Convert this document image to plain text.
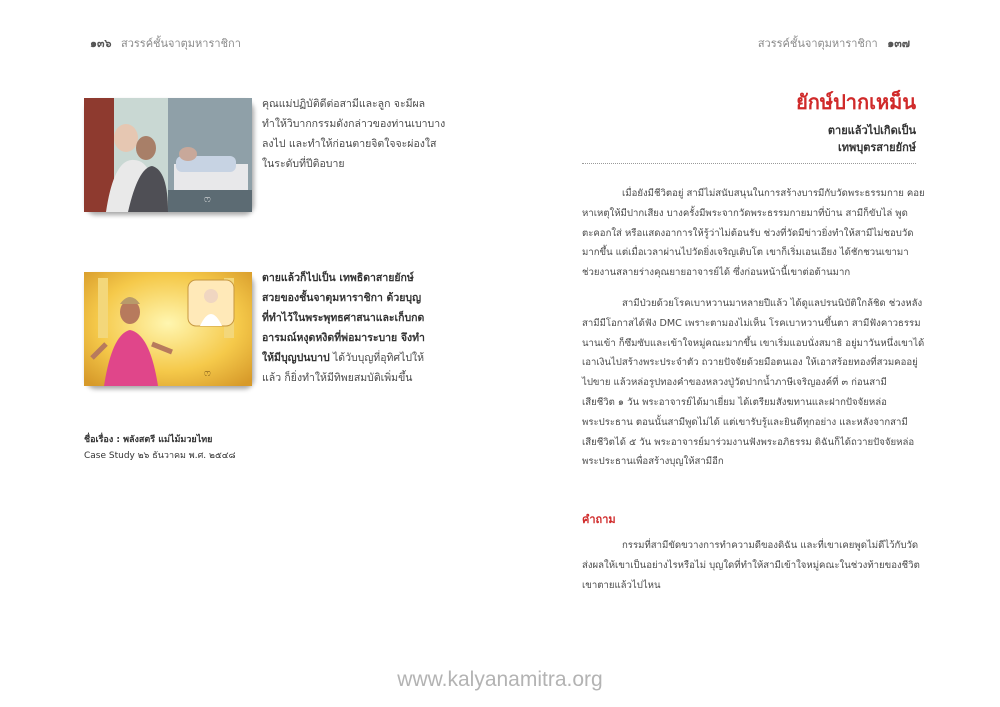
๑๓๖ สวรรค์ชั้นจาตุมหาราชิกา	สวรรค์ชั้นจาตุมหาราชิกา ๑๓๗
ෆ
คุณแม่ปฏิบัติดีต่อสามีและลูก จะมีผล
ทำให้วิบากกรรมดังกล่าวของท่านเบาบาง
ลงไป และทำให้ก่อนตายจิตใจจะผ่องใส
ในระดับที่ปีติอบาย
ෆ
ตายแล้วก็ไปเป็น เทพธิดาสายยักษ์
สวยของชั้นจาตุมหาราชิกา ด้วยบุญ
ที่ทำไว้ในพระพุทธศาสนาและเก็บกด
อารมณ์หงุดหงิดที่พ่อมาระบาย จึงทำ
ให้มีบุญปนบาป ได้วับบุญที่อุทิศไปให้
แล้ว ก็ยิ่งทำให้มีทิพยสมบัติเพิ่มขึ้น
ชื่อเรื่อง : พลังสตรี แม่ไม้มวยไทย
Case Study ๒๖ ธันวาคม พ.ศ. ๒๕๔๘
ยักษ์ปากเหม็น
ตายแล้วไปเกิดเป็น
เทพบุตรสายยักษ์
เมื่อยังมีชีวิตอยู่ สามีไม่สนับสนุนในการสร้างบารมีกับวัดพระธรรมกาย คอย
หาเหตุให้มีปากเสียง บางครั้งมีพระจากวัดพระธรรมกายมาที่บ้าน สามีก็ขับไล่ พูด
ตะคอกใส่ หรือแสดงอาการให้รู้ว่าไม่ต้อนรับ ช่วงที่วัดมีข่าวยิ่งทำให้สามีไม่ชอบวัด
มากขึ้น แต่เมื่อเวลาผ่านไปวัดยิ่งเจริญเติบโต เขาก็เริ่มเอนเอียง ได้ชักชวนเขามา
ช่วยงานสลายร่างคุณยายอาจารย์ได้ ซึ่งก่อนหน้านี้เขาต่อต้านมาก
สามีป่วยด้วยโรคเบาหวานมาหลายปีแล้ว ได้ดูแลปรนนิบัติใกล้ชิด ช่วงหลัง
สามีมีโอกาสได้ฟัง DMC เพราะตามองไม่เห็น โรคเบาหวานขึ้นตา สามีฟังคาวธรรม
นานเข้า ก็ซึมซับและเข้าใจหมู่คณะมากขึ้น เขาเริ่มแอบนั่งสมาธิ อยู่มาวันหนึ่งเขาได้
เอาเงินไปสร้างพระประจำตัว ถวายปัจจัยด้วยมือตนเอง ให้เอาสร้อยทองที่สวมคออยู่
ไปขาย แล้วหล่อรูปทองคำของหลวงปู่วัดปากน้ำภาษีเจริญองค์ที่ ๓ ก่อนสามี
เสียชีวิต ๑ วัน พระอาจารย์ได้มาเยี่ยม ได้เตรียมสังฆทานและฝากปัจจัยหล่อ
พระประธาน ตอนนั้นสามีพูดไม่ได้ แต่เขารับรู้และยินดีทุกอย่าง และหลังจากสามี
เสียชีวิตได้ ๕ วัน พระอาจารย์มาร่วมงานฟังพระอภิธรรม ดิฉันก็ได้ถวายปัจจัยหล่อ
พระประธานเพื่อสร้างบุญให้สามีอีก
คำถาม
กรรมที่สามีขัดขวางการทำความดีของดิฉัน และที่เขาเคยพูดไม่ดีไว้กับวัด
ส่งผลให้เขาเป็นอย่างไรหรือไม่ บุญใดที่ทำให้สามีเข้าใจหมู่คณะในช่วงท้ายของชีวิต
เขาตายแล้วไปไหน
www.kalyanamitra.org
